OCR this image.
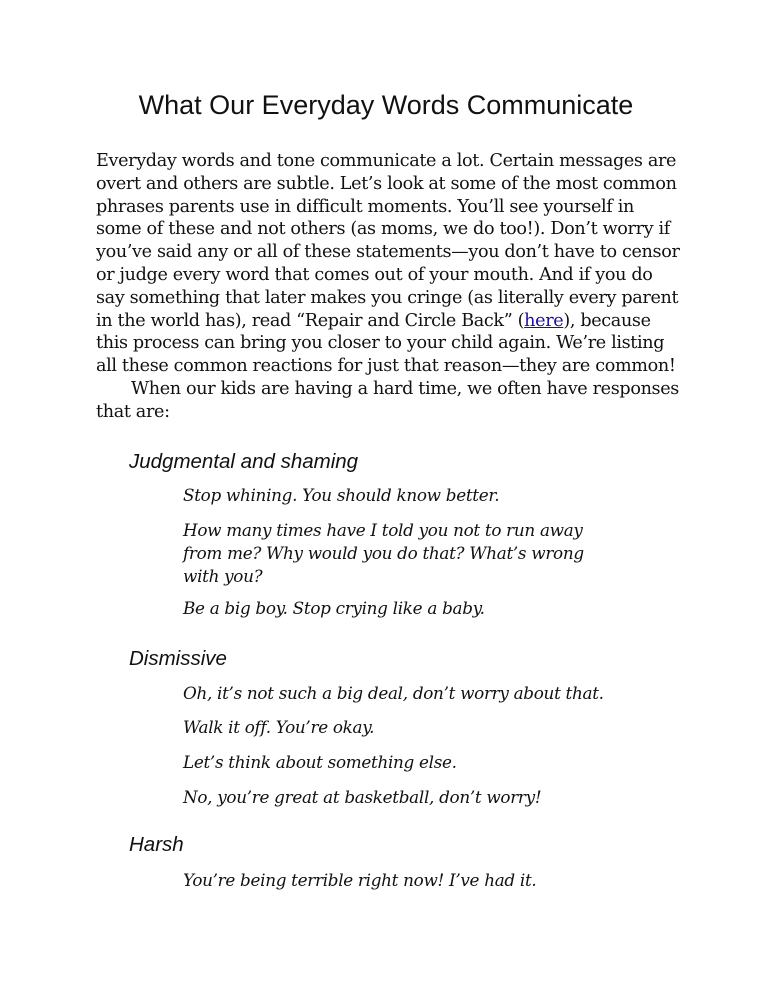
What Our Everyday Words Communicate

Everyday words and tone communicate a lot. Certain messages are overt and others are subtle. Let’s look at some of the most common phrases parents use in difficult moments. You’ll see yourself in some of these and not others (as moms, we do too!). Don’t worry if you’ve said any or all of these statements—you don’t have to censor or judge every word that comes out of your mouth. And if you do say something that later makes you cringe (as literally every parent in the world has), read “Repair and Circle Back” (here), because this process can bring you closer to your child again. We’re listing all these common reactions for just that reason—they are common!

When our kids are having a hard time, we often have responses that are:

Judgmental and shaming

Stop whining. You should know better.

How many times have I told you not to run away from me? Why would you do that? What’s wrong with you?

Be a big boy. Stop crying like a baby.

Dismissive

Oh, it’s not such a big deal, don’t worry about that.

Walk it off. You’re okay.

Let’s think about something else.

No, you’re great at basketball, don’t worry!

Harsh

You’re being terrible right now! I’ve had it.
